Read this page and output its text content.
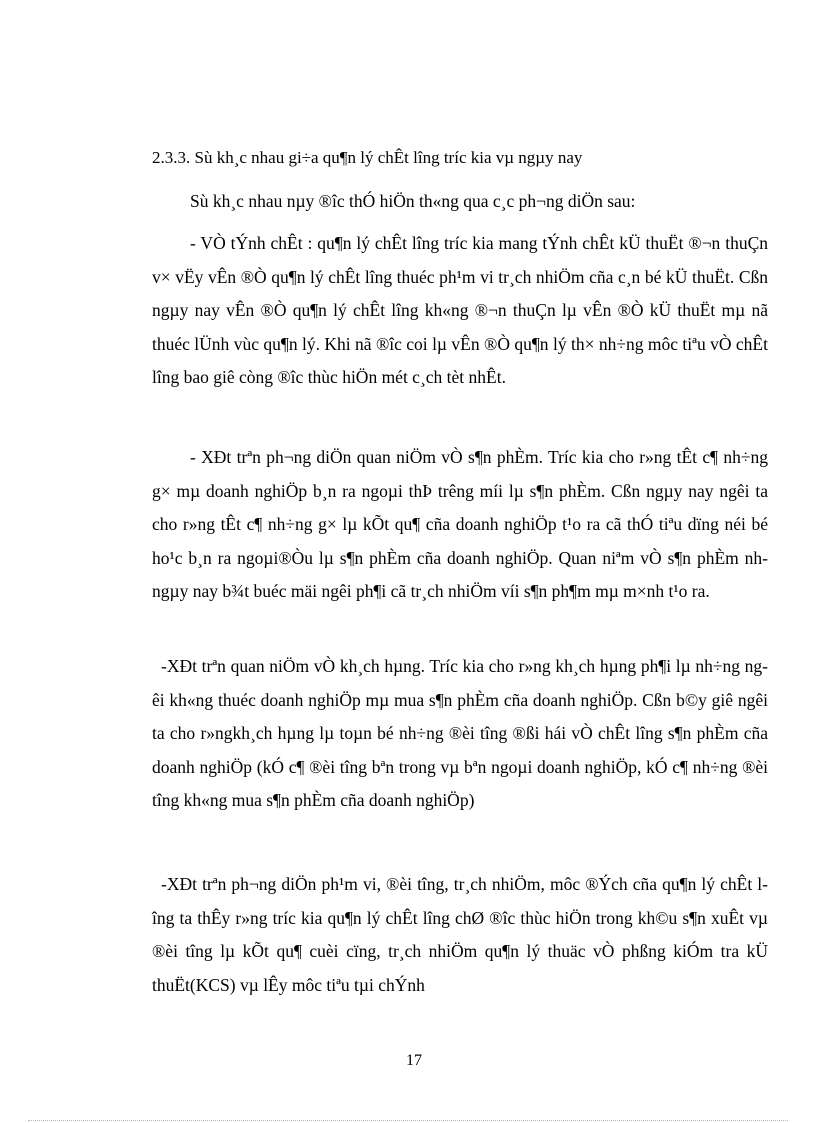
2.3.3. Sù kh¸c nhau gi÷a qu¶n lý chÊt lîng tríc kia vµ ngµy nay

Sù kh¸c nhau nµy ®îc thÓ hiÖn th«ng qua c¸c ph¬ng diÖn sau:

- VÒ tÝnh chÊt : qu¶n lý chÊt lîng tríc kia mang tÝnh chÊt kÜ thuËt ®¬n thuÇn v× vËy vÊn ®Ò qu¶n lý chÊt lîng thuéc ph¹m vi tr¸ch nhiÖm cña c¸n bé kÜ thuËt. Cßn ngµy nay vÊn ®Ò qu¶n lý chÊt lîng kh«ng ®¬n thuÇn lµ vÊn ®Ò kÜ thuËt mµ nã thuéc lÜnh vùc qu¶n lý. Khi nã ®îc coi lµ vÊn ®Ò qu¶n lý th× nh÷ng môc tiªu vÒ chÊt lîng bao giê còng ®îc thùc hiÖn mét c¸ch tèt nhÊt.

- XÐt trªn ph¬ng diÖn quan niÖm vÒ s¶n phÈm. Tríc kia cho r»ng tÊt c¶ nh÷ng g× mµ doanh nghiÖp b¸n ra ngoµi thÞ trêng míi lµ s¶n phÈm. Cßn ngµy nay ngêi ta cho r»ng tÊt c¶ nh÷ng g× lµ kÕt qu¶ cña doanh nghiÖp t¹o ra cã thÓ tiªu dïng néi bé ho¹c b¸n ra ngoµi®Òu lµ s¶n phÈm cña doanh nghiÖp. Quan niªm vÒ s¶n phÈm nh ngµy nay b¾t buéc mäi ngêi ph¶i cã tr¸ch nhiÖm víi s¶n ph¶m mµ m×nh t¹o ra.

-XÐt trªn quan niÖm vÒ kh¸ch hµng. Tríc kia cho r»ng kh¸ch hµng ph¶i lµ nh÷ng ngêi kh«ng thuéc doanh nghiÖp mµ mua s¶n phÈm cña doanh nghiÖp. Cßn b©y giê ngêi ta cho r»ngkh¸ch hµng lµ toµn bé nh÷ng ®èi tîng ®ßi hái vÒ chÊt lîng s¶n phÈm cña doanh nghiÖp (kÓ c¶ ®èi tîng bªn trong vµ bªn ngoµi doanh nghiÖp, kÓ c¶ nh÷ng ®èi tîng kh«ng mua s¶n phÈm cña doanh nghiÖp)

-XÐt trªn ph¬ng diÖn ph¹m vi, ®èi tîng, tr¸ch nhiÖm, môc ®Ých cña qu¶n lý chÊt lîng ta thÊy r»ng tríc kia qu¶n lý chÊt lîng chØ ®îc thùc hiÖn trong kh©u s¶n xuÊt vµ ®èi tîng lµ kÕt qu¶ cuèi cïng, tr¸ch nhiÖm qu¶n lý thuäc vÒ phßng kiÓm tra kÜ thuËt(KCS) vµ lÊy môc tiªu tµi chÝnh

17
